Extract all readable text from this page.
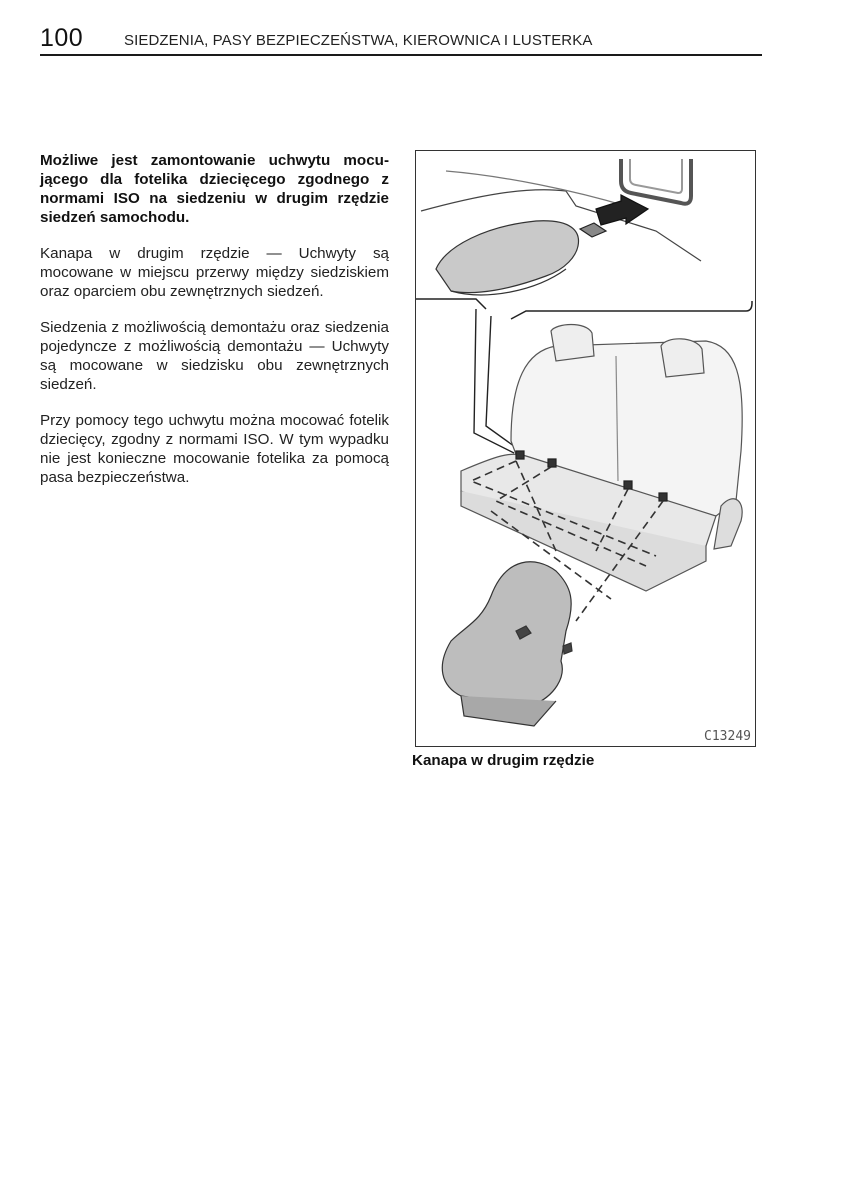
100	SIEDZENIA, PASY BEZPIECZEŃSTWA, KIEROWNICA I LUSTERKA

Możliwe jest zamontowanie uchwytu mocującego dla fotelika dziecięcego zgodnego z normami ISO na siedzeniu w drugim rzędzie siedzeń samochodu.

Kanapa w drugim rzędzie — Uchwyty są mocowane w miejscu przerwy między siedziskiem oraz oparciem obu zewnętrznych siedzeń.

Siedzenia z możliwością demontażu oraz siedzenia pojedyncze z możliwością demontażu — Uchwyty są mocowane w siedzisku obu zewnętrznych siedzeń.

Przy pomocy tego uchwytu można mocować fotelik dziecięcy, zgodny z normami ISO. W tym wypadku nie jest konieczne mocowanie fotelika za pomocą pasa bezpieczeństwa.

C13249
Kanapa w drugim rzędzie
